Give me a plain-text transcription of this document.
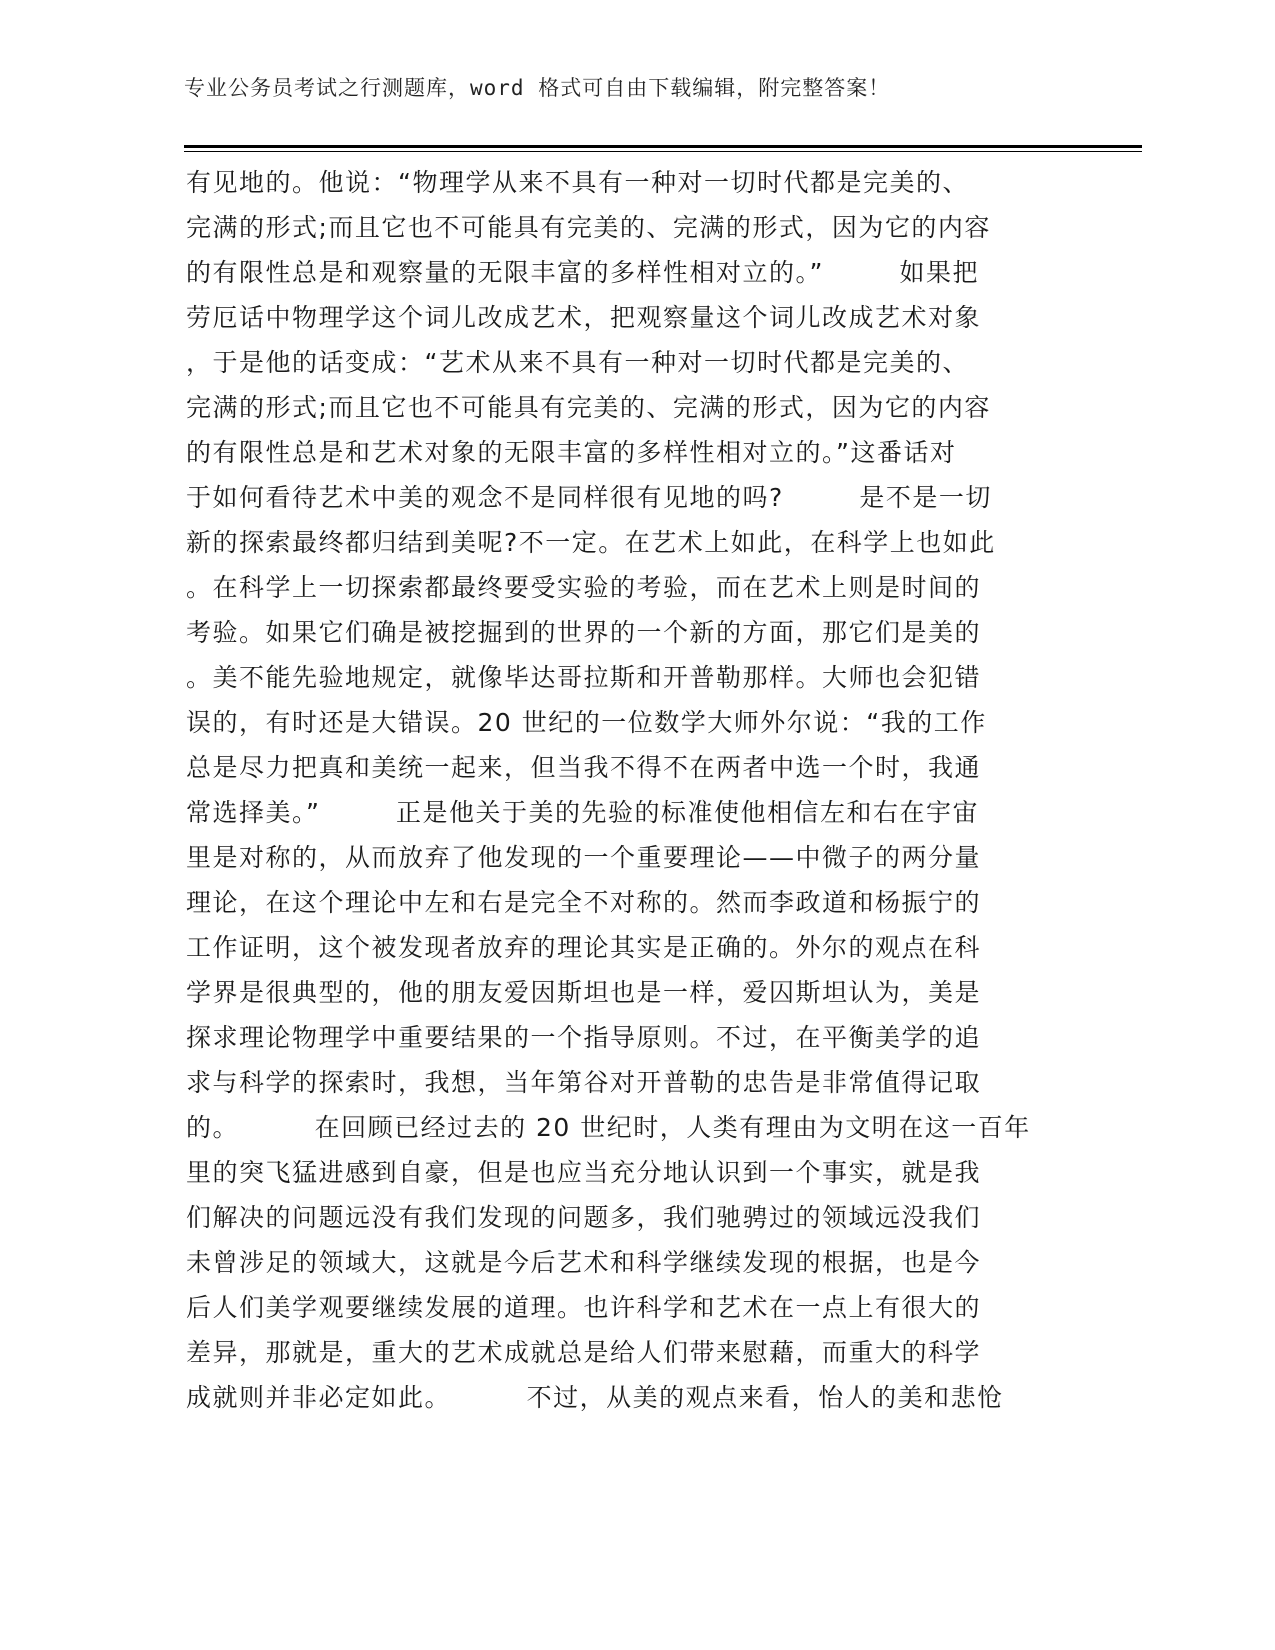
专业公务员考试之行测题库，word 格式可自由下载编辑，附完整答案！
有见地的。他说：“物理学从来不具有一种对一切时代都是完美的、
完满的形式;而且它也不可能具有完美的、完满的形式，因为它的内容
的有限性总是和观察量的无限丰富的多样性相对立的。”        如果把
劳厄话中物理学这个词儿改成艺术，把观察量这个词儿改成艺术对象
，于是他的话变成：“艺术从来不具有一种对一切时代都是完美的、
完满的形式;而且它也不可能具有完美的、完满的形式，因为它的内容
的有限性总是和艺术对象的无限丰富的多样性相对立的。”这番话对
于如何看待艺术中美的观念不是同样很有见地的吗?        是不是一切
新的探索最终都归结到美呢?不一定。在艺术上如此，在科学上也如此
。在科学上一切探索都最终要受实验的考验，而在艺术上则是时间的
考验。如果它们确是被挖掘到的世界的一个新的方面，那它们是美的
。美不能先验地规定，就像毕达哥拉斯和开普勒那样。大师也会犯错
误的，有时还是大错误。20 世纪的一位数学大师外尔说：“我的工作
总是尽力把真和美统一起来，但当我不得不在两者中选一个时，我通
常选择美。”        正是他关于美的先验的标准使他相信左和右在宇宙
里是对称的，从而放弃了他发现的一个重要理论——中微子的两分量
理论，在这个理论中左和右是完全不对称的。然而李政道和杨振宁的
工作证明，这个被发现者放弃的理论其实是正确的。外尔的观点在科
学界是很典型的，他的朋友爱因斯坦也是一样，爱囚斯坦认为，美是
探求理论物理学中重要结果的一个指导原则。不过，在平衡美学的追
求与科学的探索时，我想，当年第谷对开普勒的忠告是非常值得记取
的。        在回顾已经过去的 20 世纪时，人类有理由为文明在这一百年
里的突飞猛进感到自豪，但是也应当充分地认识到一个事实，就是我
们解决的问题远没有我们发现的问题多，我们驰骋过的领域远没我们
未曾涉足的领域大，这就是今后艺术和科学继续发现的根据，也是今
后人们美学观要继续发展的道理。也许科学和艺术在一点上有很大的
差异，那就是，重大的艺术成就总是给人们带来慰藉，而重大的科学
成就则并非必定如此。        不过，从美的观点来看，怡人的美和悲怆
